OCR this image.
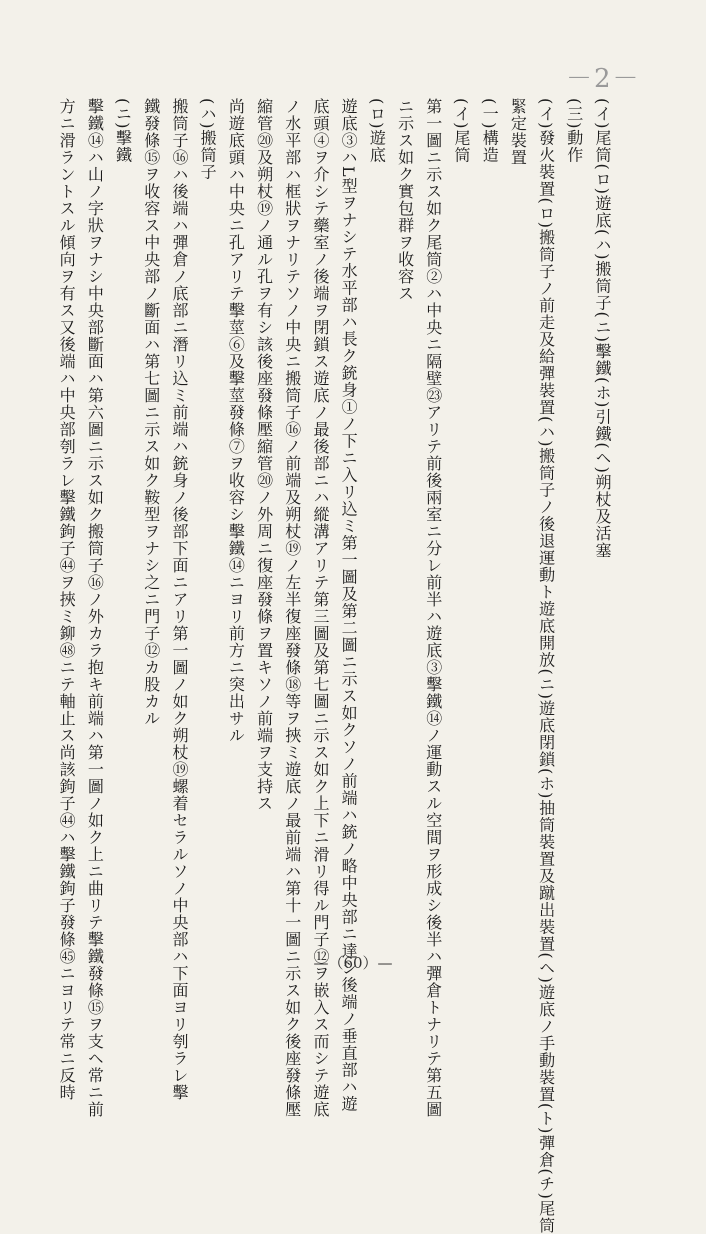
－2－
(イ)尾筒(ロ)遊底(ハ)搬筒子(ニ)擊鐵(ホ)引鐵(ヘ)朔杖及活塞
(三)動作
(イ)發火裝置(ロ)搬筒子ノ前走及給彈裝置(ハ)搬筒子ノ後退運動ト遊底開放(ニ)遊底閉鎖(ホ)抽筒裝置及蹴出裝置(ヘ)遊底ノ手動裝置(ト)彈倉(チ)尾筒
緊定裝置
(一)構造
(イ)尾筒
第一圖ニ示ス如ク尾筒②ハ中央ニ隔壁㉓アリテ前後兩室ニ分レ前半ハ遊底③擊鐵⑭ノ運動スル空間ヲ形成シ後半ハ彈倉トナリテ第五圖
ニ示ス如ク實包群ヲ收容ス
(ロ)遊底
遊底③ハL型ヲナシテ水平部ハ長ク銃身①ノ下ニ入リ込ミ第一圖及第二圖ニ示ス如クソノ前端ハ銃ノ略中央部ニ達シ後端ノ垂直部ハ遊
底頭④ヲ介シテ藥室ノ後端ヲ閉鎖ス遊底ノ最後部ニハ縱溝アリテ第三圖及第七圖ニ示ス如ク上下ニ滑リ得ル門子⑫ヲ嵌入ス而シテ遊底
ノ水平部ハ框狀ヲナリテソノ中央ニ搬筒子⑯ノ前端及朔杖⑲ノ左半復座發條⑱等ヲ挾ミ遊底ノ最前端ハ第十一圖ニ示ス如ク後座發條壓
縮管⑳及朔杖⑲ノ通ル孔ヲ有シ該後座發條壓縮管⑳ノ外周ニ復座發條ヲ置キソノ前端ヲ支持ス
尚遊底頭ハ中央ニ孔アリテ擊莖⑥及擊莖發條⑦ヲ收容シ擊鐵⑭ニヨリ前方ニ突出サル
(ハ)搬筒子
搬筒子⑯ハ後端ハ彈倉ノ底部ニ潛リ込ミ前端ハ銃身ノ後部下面ニアリ第一圖ノ如ク朔杖⑲螺着セラルソノ中央部ハ下面ヨリ刳ラレ擊
鐵發條⑮ヲ收容ス中央部ノ斷面ハ第七圖ニ示ス如ク鞍型ヲナシ之ニ門子⑫カ股カル
(ニ)擊鐵
擊鐵⑭ハ山ノ字狀ヲナシ中央部斷面ハ第六圖ニ示ス如ク搬筒子⑯ノ外カラ抱キ前端ハ第一圖ノ如ク上ニ曲リテ擊鐵發條⑮ヲ支ヘ常ニ前
方ニ滑ラントスル傾向ヲ有ス又後端ハ中央部刳ラレ擊鐵鉤子㊹ヲ挾ミ鉚㊽ニテ軸止ス尚該鉤子㊹ハ擊鐵鉤子發條㊺ニヨリテ常ニ反時	—（60）—
